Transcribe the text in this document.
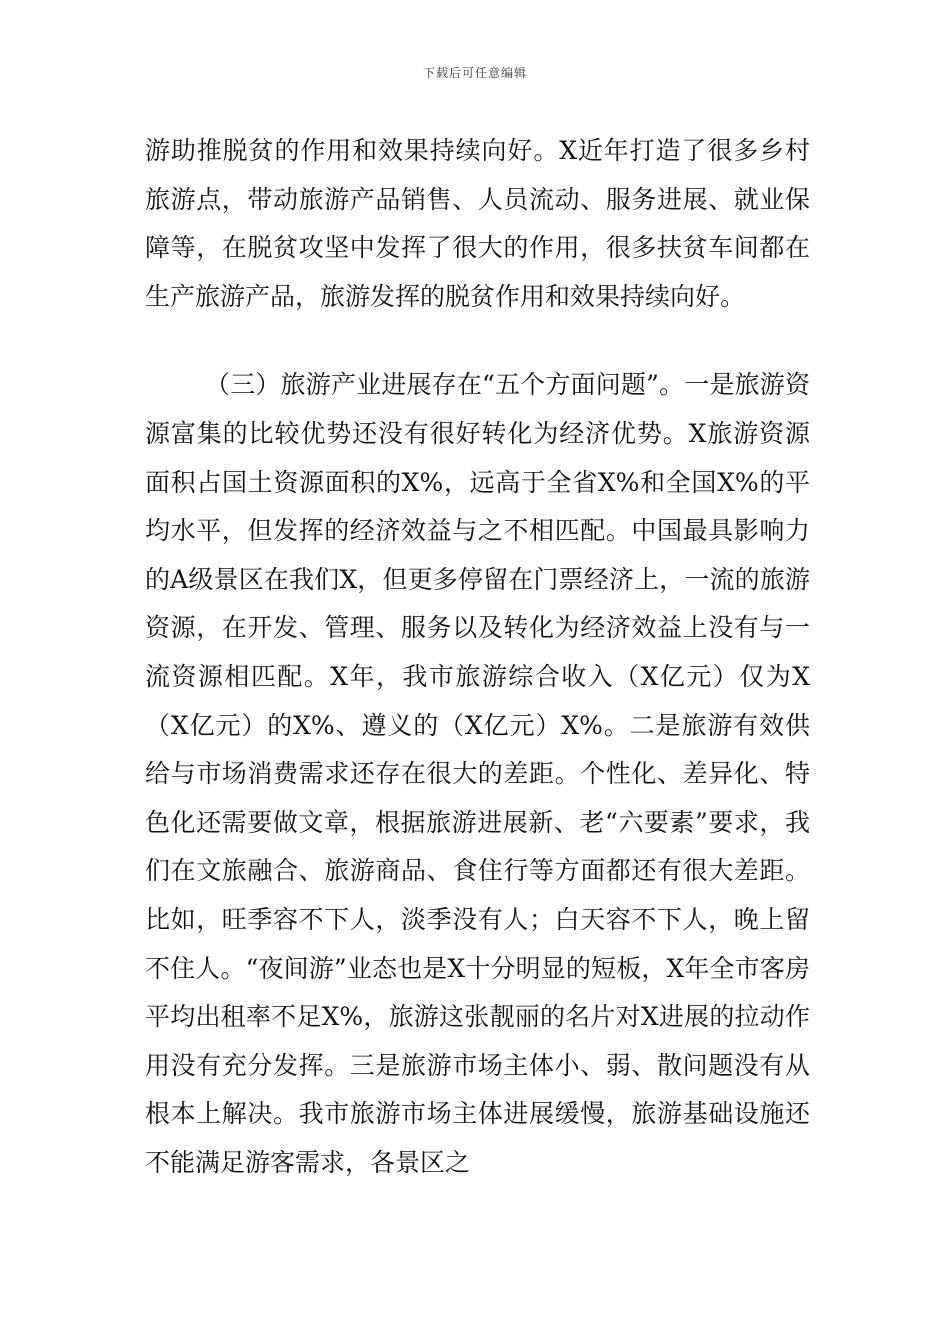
下载后可任意编辑

游助推脱贫的作用和效果持续向好。X近年打造了很多乡村旅游点，带动旅游产品销售、人员流动、服务进展、就业保障等，在脱贫攻坚中发挥了很大的作用，很多扶贫车间都在生产旅游产品，旅游发挥的脱贫作用和效果持续向好。

（三）旅游产业进展存在“五个方面问题”。一是旅游资源富集的比较优势还没有很好转化为经济优势。X旅游资源面积占国土资源面积的X%，远高于全省X%和全国X%的平均水平，但发挥的经济效益与之不相匹配。中国最具影响力的A级景区在我们X，但更多停留在门票经济上，一流的旅游资源，在开发、管理、服务以及转化为经济效益上没有与一流资源相匹配。X年，我市旅游综合收入（X亿元）仅为X（X亿元）的X%、遵义的（X亿元）X%。二是旅游有效供给与市场消费需求还存在很大的差距。个性化、差异化、特色化还需要做文章，根据旅游进展新、老“六要素”要求，我们在文旅融合、旅游商品、食住行等方面都还有很大差距。比如，旺季容不下人，淡季没有人；白天容不下人，晚上留不住人。“夜间游”业态也是X十分明显的短板，X年全市客房平均出租率不足X%，旅游这张靓丽的名片对X进展的拉动作用没有充分发挥。三是旅游市场主体小、弱、散问题没有从根本上解决。我市旅游市场主体进展缓慢，旅游基础设施还不能满足游客需求，各景区之
